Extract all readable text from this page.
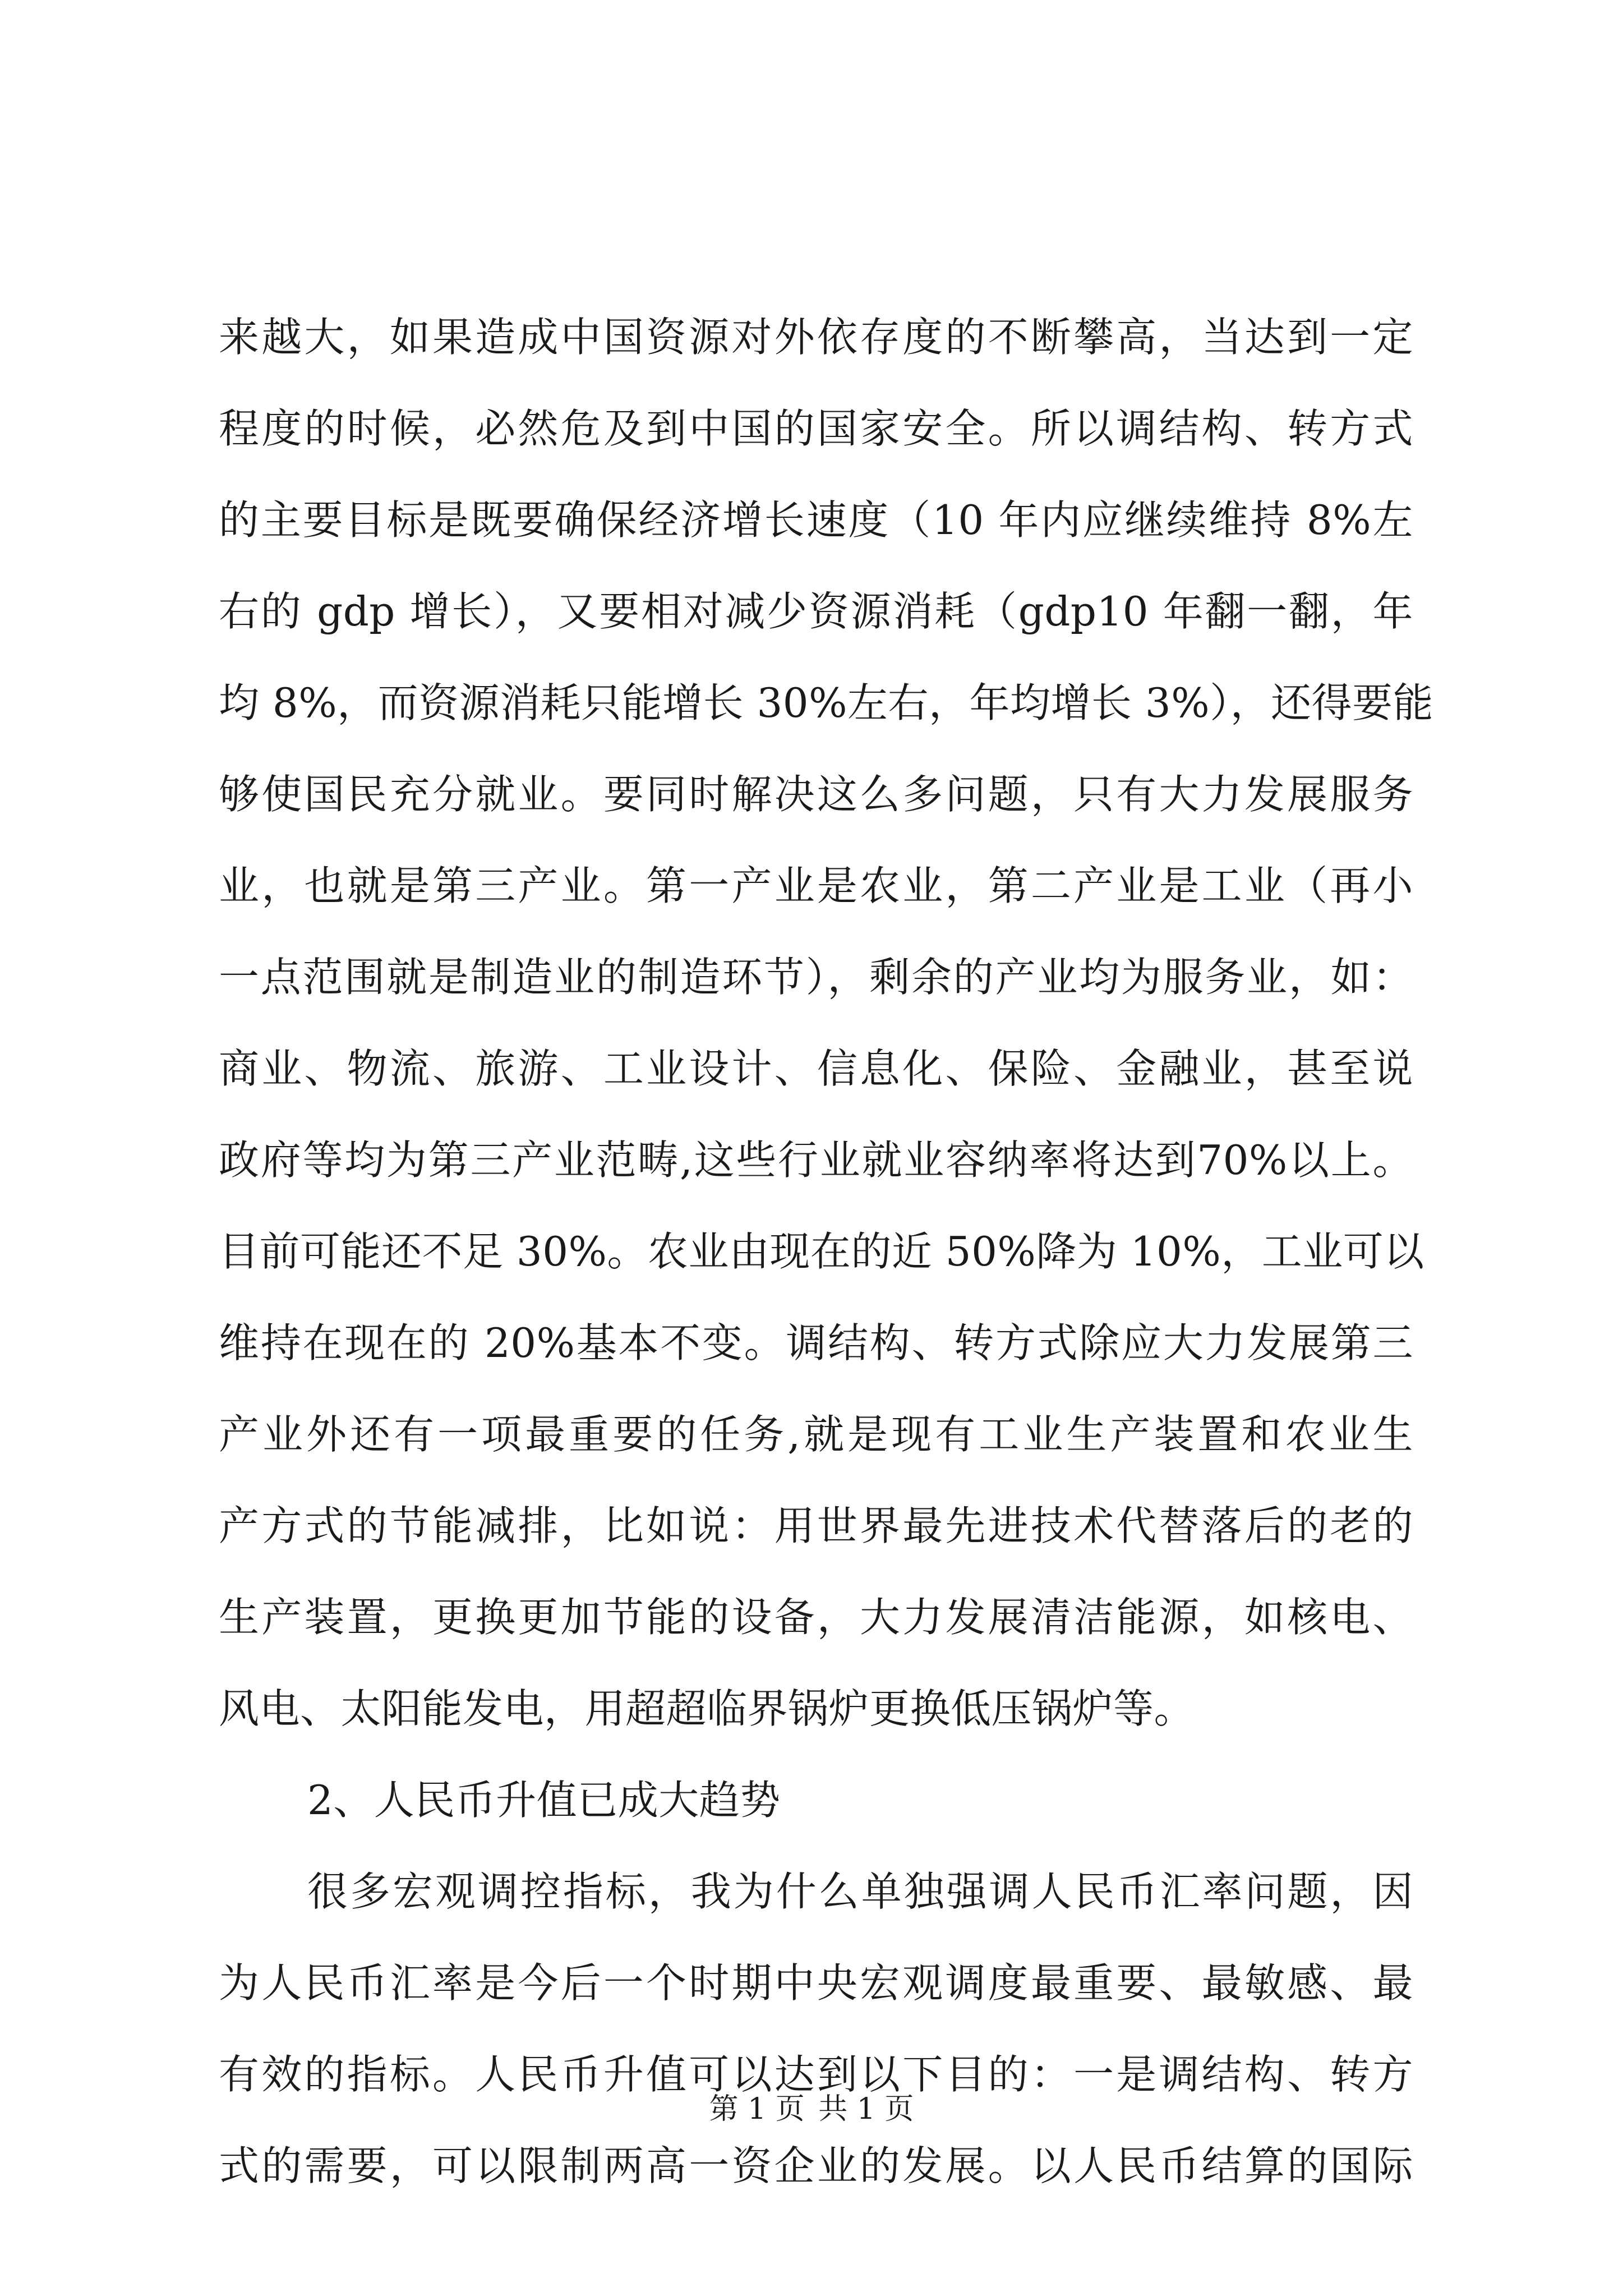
来越大，如果造成中国资源对外依存度的不断攀高，当达到一定
程度的时候，必然危及到中国的国家安全。所以调结构、转方式
的主要目标是既要确保经济增长速度（10 年内应继续维持 8%左
右的 gdp 增长），又要相对减少资源消耗（gdp10 年翻一翻，年
均 8%，而资源消耗只能增长 30%左右，年均增长 3%），还得要能
够使国民充分就业。要同时解决这么多问题，只有大力发展服务
业，也就是第三产业。第一产业是农业，第二产业是工业（再小
一点范围就是制造业的制造环节），剩余的产业均为服务业，如：
商业、物流、旅游、工业设计、信息化、保险、金融业，甚至说
政府等均为第三产业范畴,这些行业就业容纳率将达到70%以上。
目前可能还不足 30%。农业由现在的近 50%降为 10%，工业可以
维持在现在的 20%基本不变。调结构、转方式除应大力发展第三
产业外还有一项最重要的任务,就是现有工业生产装置和农业生
产方式的节能减排，比如说：用世界最先进技术代替落后的老的
生产装置，更换更加节能的设备，大力发展清洁能源，如核电、
风电、太阳能发电，用超超临界锅炉更换低压锅炉等。
2、人民币升值已成大趋势
很多宏观调控指标，我为什么单独强调人民币汇率问题，因
为人民币汇率是今后一个时期中央宏观调度最重要、最敏感、最
有效的指标。人民币升值可以达到以下目的：一是调结构、转方
式的需要，可以限制两高一资企业的发展。以人民币结算的国际
第 1 页 共 1 页
